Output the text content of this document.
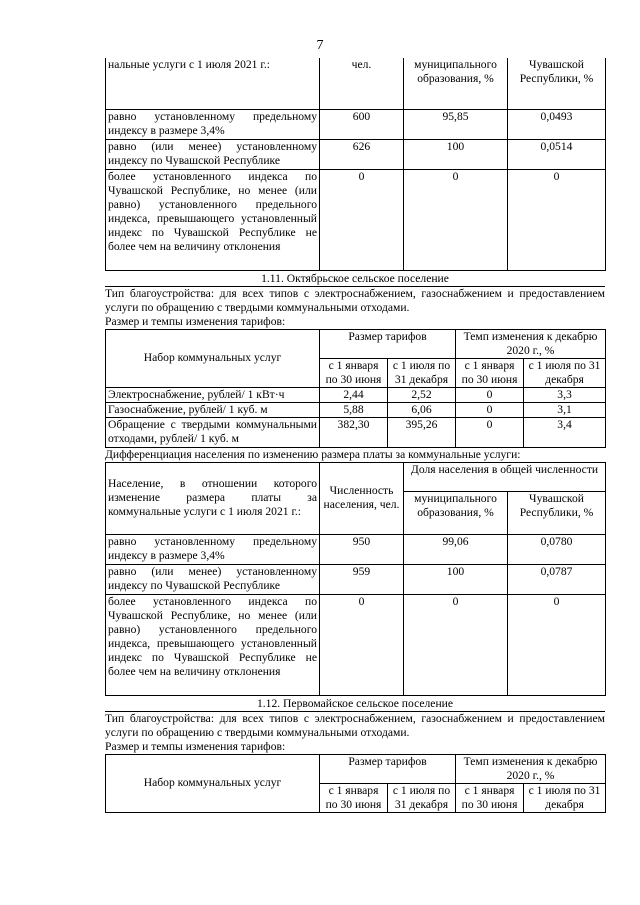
7
нальные услуги с 1 июля 2021 г.:	чел.	муниципального образования, %	Чувашской Республики, %
равно установленному предельному индексу в размере 3,4%	600	95,85	0,0493
равно (или менее) установленному индексу по Чувашской Республике	626	100	0,0514
более установленного индекса по Чувашской Республике, но менее (или равно) установленного предельного индекса, превышающего установленный индекс по Чувашской Республике не более чем на величину отклонения	0	0	0
1.11. Октябрьское сельское поселение
Тип благоустройства: для всех типов с электроснабжением, газоснабжением и предоставлением услуги по обращению с твердыми коммунальными отходами.
Размер и темпы изменения тарифов:
Набор коммунальных услуг	Размер тарифов		Темп изменения к декабрю 2020 г., %	
	с 1 января по 30 июня	с 1 июля по 31 декабря	с 1 января по 30 июня	с 1 июля по 31 декабря
Электроснабжение, рублей/ 1 кВт·ч	2,44	2,52	0	3,3
Газоснабжение, рублей/ 1 куб. м	5,88	6,06	0	3,1
Обращение с твердыми коммунальными отходами, рублей/ 1 куб. м	382,30	395,26	0	3,4
Дифференциация населения по изменению размера платы за коммунальные услуги:
Население, в отношении которого изменение размера платы за коммунальные услуги с 1 июля 2021 г.:	Численность населения, чел.	Доля населения в общей численности	
		муниципального образования, %	Чувашской Республики, %
равно установленному предельному индексу в размере 3,4%	950	99,06	0,0780
равно (или менее) установленному индексу по Чувашской Республике	959	100	0,0787
более установленного индекса по Чувашской Республике, но менее (или равно) установленного предельного индекса, превышающего установленный индекс по Чувашской Республике не более чем на величину отклонения	0	0	0
1.12. Первомайское сельское поселение
Тип благоустройства: для всех типов с электроснабжением, газоснабжением и предоставлением услуги по обращению с твердыми коммунальными отходами.
Размер и темпы изменения тарифов:
Набор коммунальных услуг	Размер тарифов		Темп изменения к декабрю 2020 г., %	
	с 1 января по 30 июня	с 1 июля по 31 декабря	с 1 января по 30 июня	с 1 июля по 31 декабря
